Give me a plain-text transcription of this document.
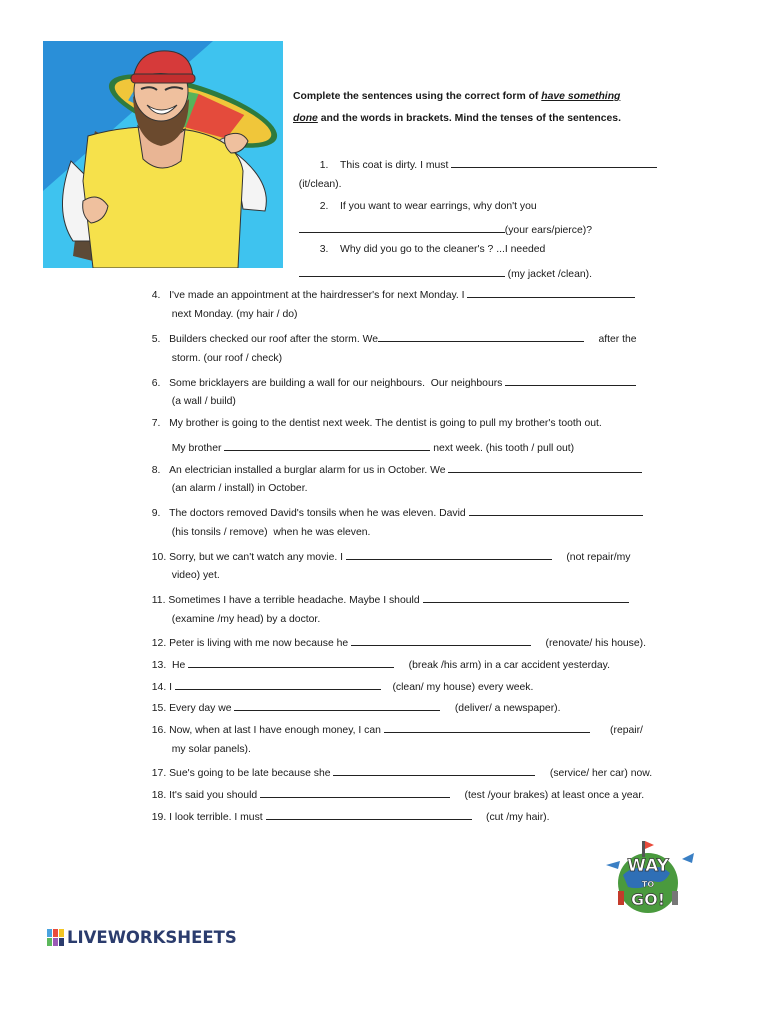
Complete the sentences using the correct form of have something
done and the words in brackets. Mind the tenses of the sentences.

1. This coat is dirty. I must

(it/clean).

2. If you want to wear earrings, why don't you

(your ears/pierce)?

3. Why did you go to the cleaner's ? ...I needed

(my jacket /clean).

4. I've made an appointment at the hairdresser's for next Monday. I

next Monday. (my hair / do)

5. Builders checked our roof after the storm. We	after the

storm. (our roof / check)

6. Some bricklayers are building a wall for our neighbours.  Our neighbours

(a wall / build)

7. My brother is going to the dentist next week. The dentist is going to pull my brother's tooth out.

My brother	next week. (his tooth / pull out)

8. An electrician installed a burglar alarm for us in October. We

(an alarm / install) in October.

9. The doctors removed David's tonsils when he was eleven. David

(his tonsils / remove)  when he was eleven.

10. Sorry, but we can't watch any movie. I	(not repair/my

video) yet.

11. Sometimes I have a terrible headache. Maybe I should

(examine /my head) by a doctor.

12. Peter is living with me now because he	(renovate/ his house).

13. He	(break /his arm) in a car accident yesterday.

14. I	(clean/ my house) every week.

15. Every day we	(deliver/ a newspaper).

16. Now, when at last I have enough money, I can	(repair/

my solar panels).

17. Sue's going to be late because she	(service/ her car) now.

18. It's said you should	(test /your brakes) at least once a year.

19. I look terrible. I must	(cut /my hair).

WAY
TO
GO!
LIVEWORKSHEETS
